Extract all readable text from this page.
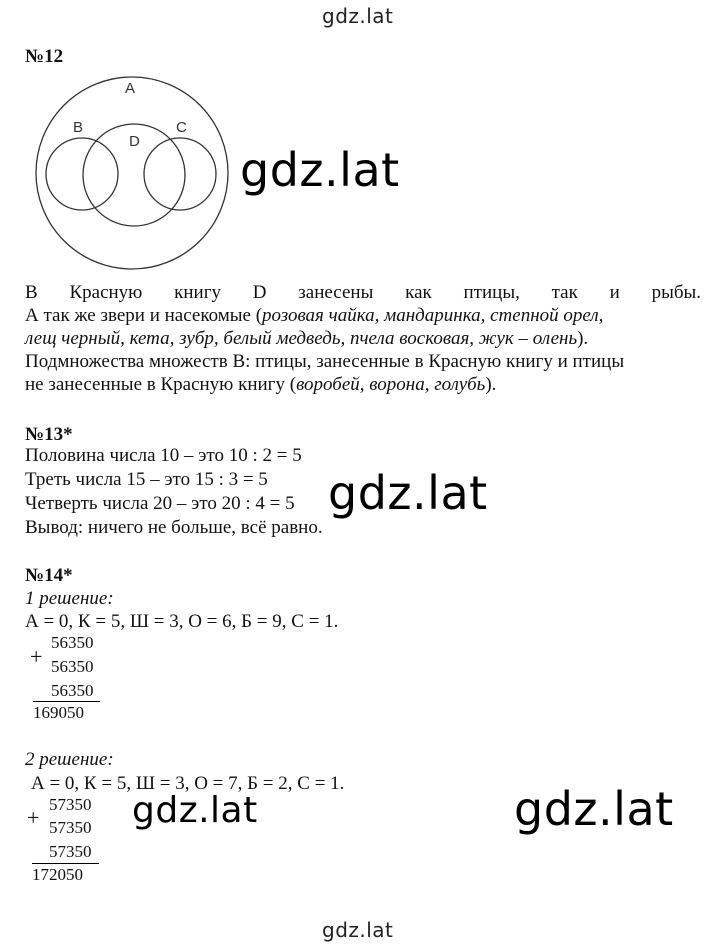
gdz.lat
gdz.lat
№12
A
B
D
C
В Красную книгу D занесены как птицы, так и рыбы.
А так же звери и насекомые (розовая чайка, мандаринка, степной орел,
лещ черный, кета, зубр, белый медведь, пчела восковая, жук – олень).
Подмножества множеств В: птицы, занесенные в Красную книгу и птицы
не занесенные в Красную книгу (воробей, ворона, голубь).
№13*
Половина числа 10 – это 10 : 2 = 5
Треть числа 15 – это 15 : 3 = 5
Четверть числа 20 – это 20 : 4 = 5
Вывод: ничего не больше, всё равно.
№14*
1 решение:
А = 0, К = 5, Ш = 3, О = 6, Б = 9, С = 1.
+
56350
56350
56350
169050
2 решение:
А = 0, К = 5, Ш = 3, О = 7, Б = 2, С = 1.
+
57350
57350
57350
172050
gdz.lat
gdz.lat
gdz.lat	gdz.lat
